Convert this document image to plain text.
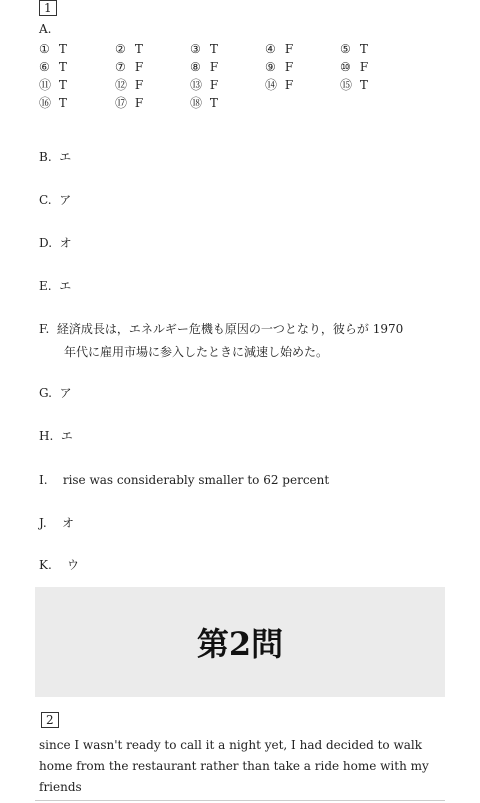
1
A.
① T	② T	③ T	④ F	⑤ T
⑥ T	⑦ F	⑧ F	⑨ F	⑩ F
⑪ T	⑫ F	⑬ F	⑭ F	⑮ T
⑯ T	⑰ F	⑱ T
B. エ
C. ア
D. オ
E. エ
F. 経済成長は，エネルギー危機も原因の一つとなり，彼らが 1970
年代に雇用市場に参入したときに減速し始めた。
G. ア
H. エ
I. rise was considerably smaller to 62 percent
J. オ
K. ウ
第2問
2
since I wasn't ready to call it a night yet, I had decided to walk home from the restaurant rather than take a ride home with my friends
